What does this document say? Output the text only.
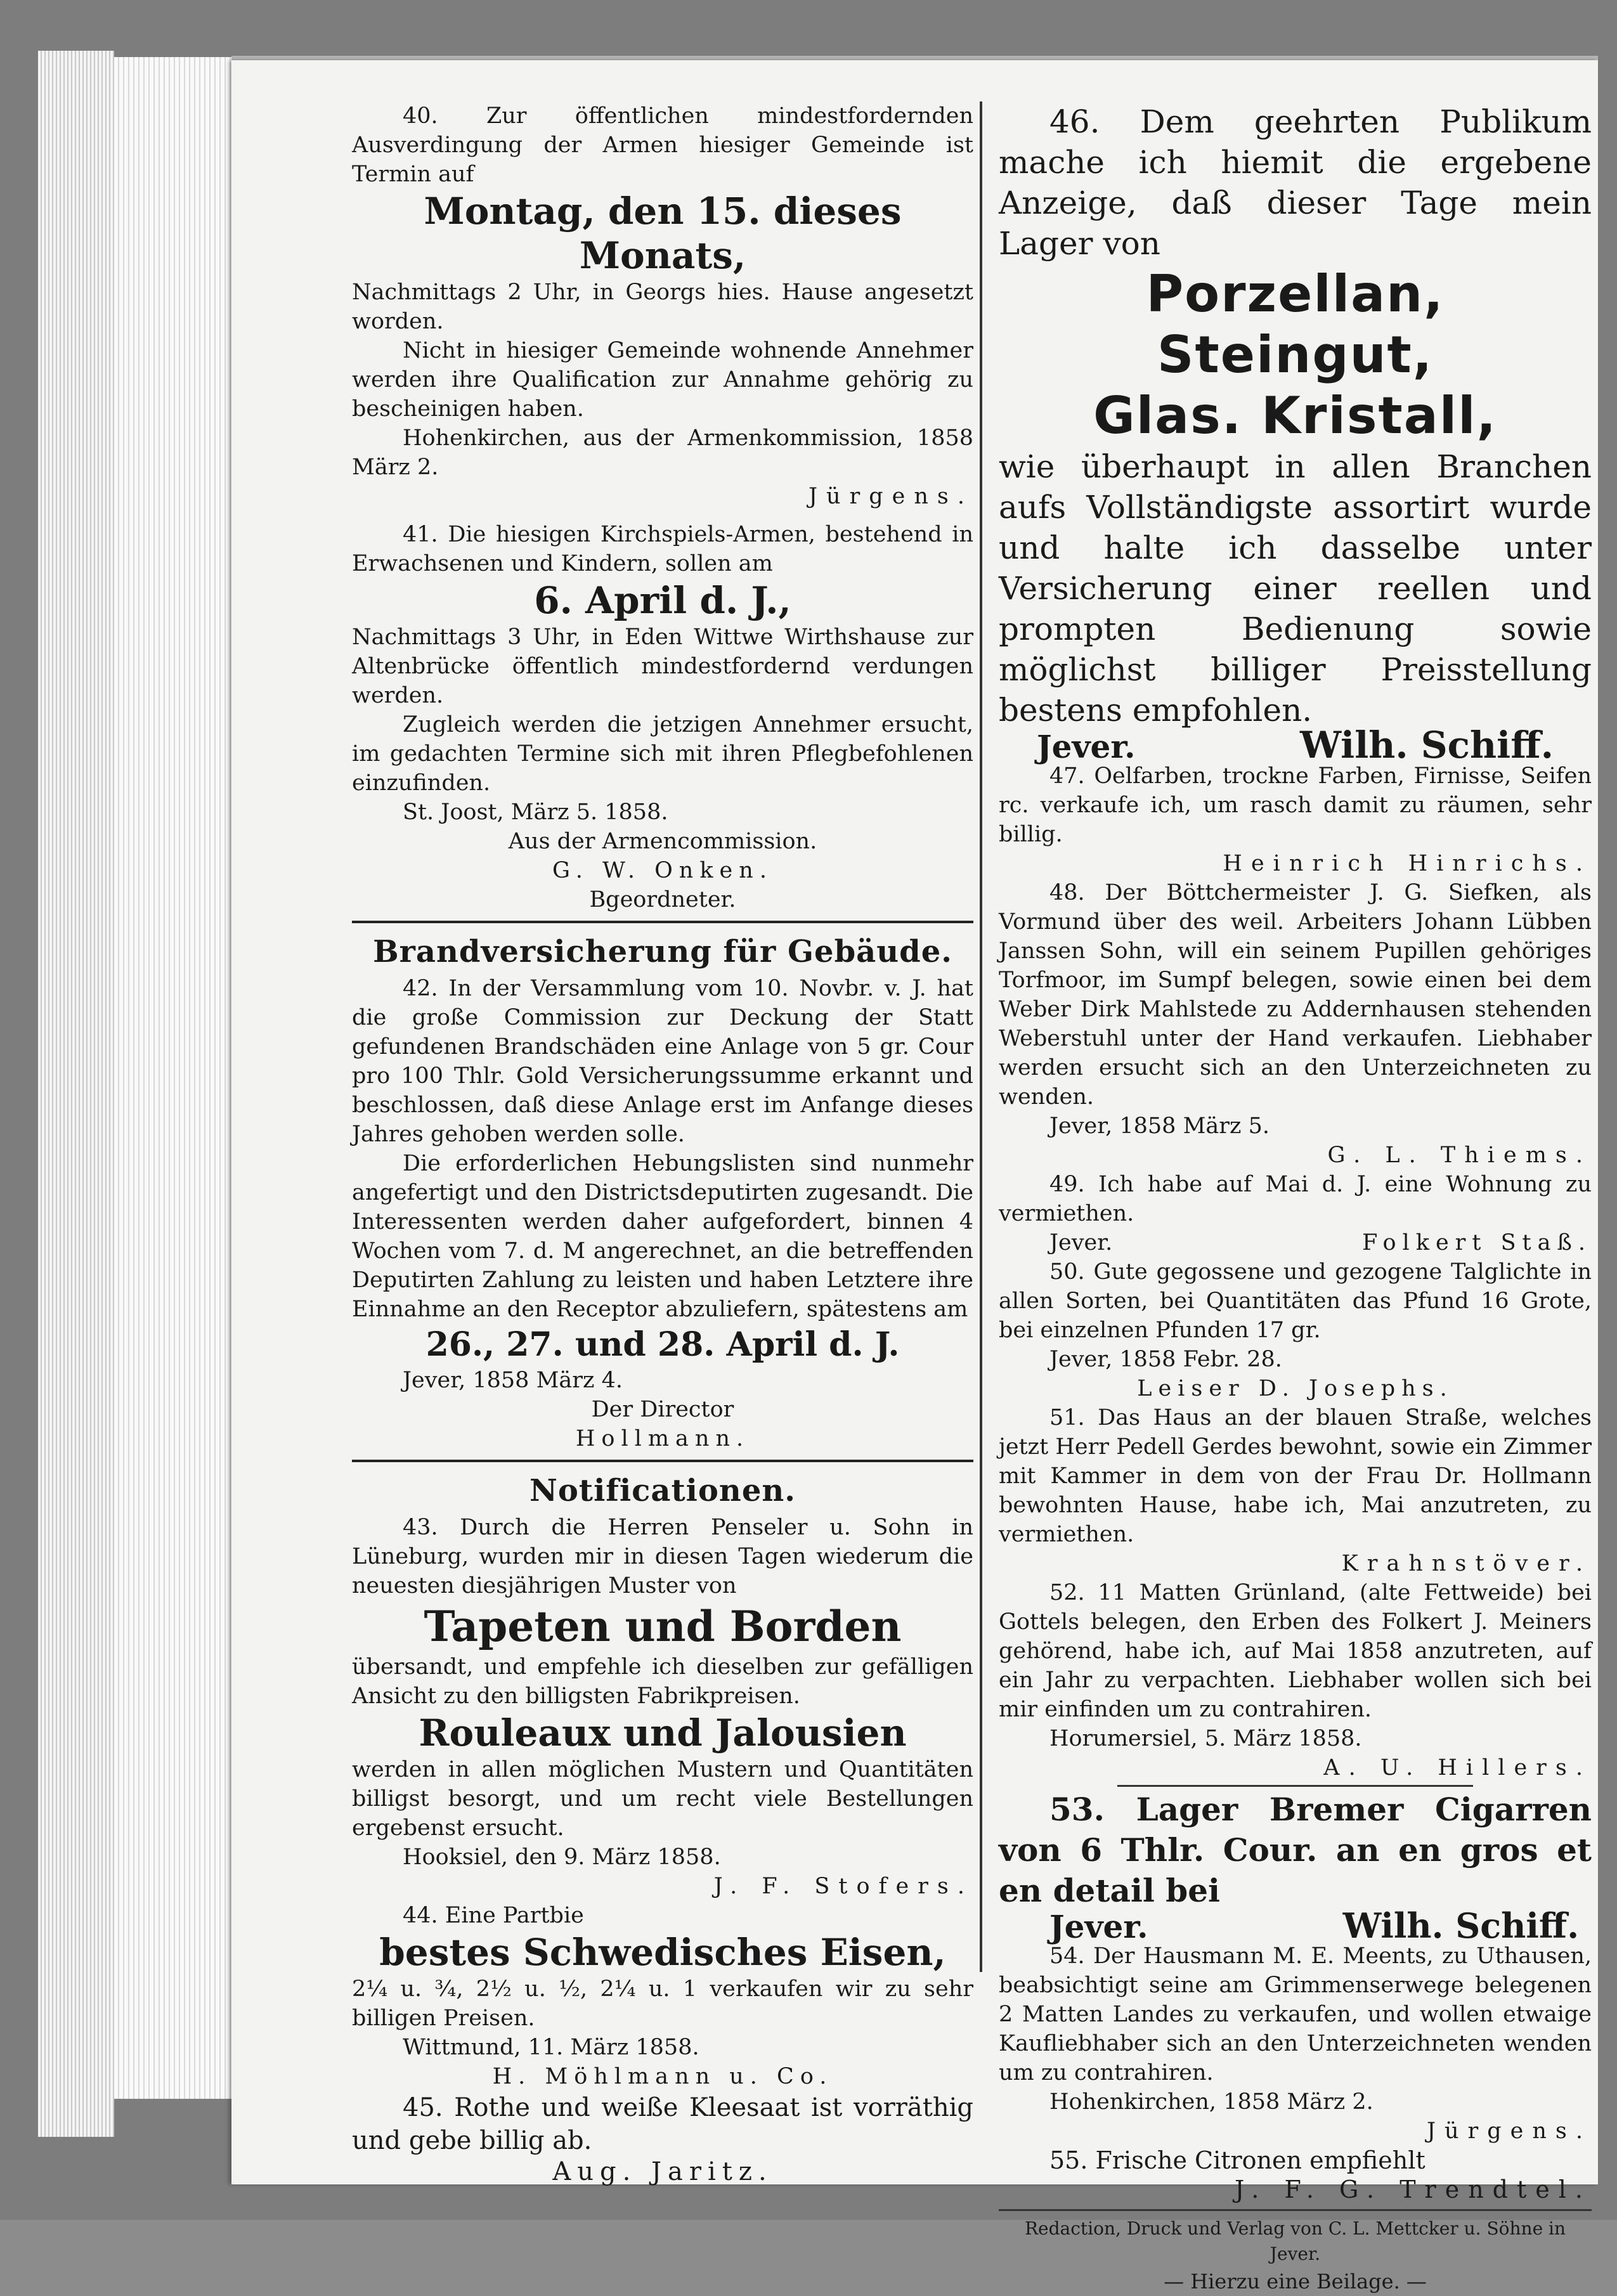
40. Zur öffentlichen mindestfordernden Ausverdingung der Armen hiesiger Gemeinde ist Termin auf

Montag, den 15. dieses Monats,

Nachmittags 2 Uhr, in Georgs hies. Hause angesetzt worden.

Nicht in hiesiger Gemeinde wohnende Annehmer werden ihre Qualification zur Annahme gehörig zu bescheinigen haben.

Hohenkirchen, aus der Armenkommission, 1858 März 2.

Jürgens.

41. Die hiesigen Kirchspiels-Armen, bestehend in Erwachsenen und Kindern, sollen am

6. April d. J.,

Nachmittags 3 Uhr, in Eden Wittwe Wirthshause zur Altenbrücke öffentlich mindestfordernd verdungen werden.

Zugleich werden die jetzigen Annehmer ersucht, im gedachten Termine sich mit ihren Pflegbefohlenen einzufinden.

St. Joost, März 5. 1858.

Aus der Armencommission.

G. W. Onken.

Bgeordneter.

Brandversicherung für Gebäude.

42. In der Versammlung vom 10. Novbr. v. J. hat die große Commission zur Deckung der Statt gefundenen Brandschäden eine Anlage von 5 gr. Cour pro 100 Thlr. Gold Versicherungssumme erkannt und beschlossen, daß diese Anlage erst im Anfange dieses Jahres gehoben werden solle.

Die erforderlichen Hebungslisten sind nunmehr angefertigt und den Districtsdeputirten zugesandt. Die Interessenten werden daher aufgefordert, binnen 4 Wochen vom 7. d. M angerechnet, an die betreffenden Deputirten Zahlung zu leisten und haben Letztere ihre Einnahme an den Receptor abzuliefern, spätestens am

26., 27. und 28. April d. J.

Jever, 1858 März 4.

Der Director

Hollmann.

Notificationen.

43. Durch die Herren Penseler u. Sohn in Lüneburg, wurden mir in diesen Tagen wiederum die neuesten diesjährigen Muster von

Tapeten und Borden

übersandt, und empfehle ich dieselben zur gefälligen Ansicht zu den billigsten Fabrikpreisen.

Rouleaux und Jalousien

werden in allen möglichen Mustern und Quantitäten billigst besorgt, und um recht viele Bestellungen ergebenst ersucht.

Hooksiel, den 9. März 1858.

J. F. Stofers.

44. Eine Partbie

bestes Schwedisches Eisen,

2¼ u. ¾, 2½ u. ½, 2¼ u. 1 verkaufen wir zu sehr billigen Preisen.

Wittmund, 11. März 1858.

H. Möhlmann u. Co.

45. Rothe und weiße Kleesaat ist vorräthig und gebe billig ab.

Aug. Jaritz.

46. Dem geehrten Publikum mache ich hiemit die ergebene Anzeige, daß dieser Tage mein Lager von

Porzellan, Steingut,

Glas. Kristall,

wie überhaupt in allen Branchen aufs Vollständigste assortirt wurde und halte ich dasselbe unter Versicherung einer reellen und prompten Bedienung sowie möglichst billiger Preisstellung bestens empfohlen.

Jever.	Wilh. Schiff.

47. Oelfarben, trockne Farben, Firnisse, Seifen rc. verkaufe ich, um rasch damit zu räumen, sehr billig.

Heinrich Hinrichs.

48. Der Böttchermeister J. G. Siefken, als Vormund über des weil. Arbeiters Johann Lübben Janssen Sohn, will ein seinem Pupillen gehöriges Torfmoor, im Sumpf belegen, sowie einen bei dem Weber Dirk Mahlstede zu Addernhausen stehenden Weberstuhl unter der Hand verkaufen. Liebhaber werden ersucht sich an den Unterzeichneten zu wenden.

Jever, 1858 März 5.

G. L. Thiems.

49. Ich habe auf Mai d. J. eine Wohnung zu vermiethen.

Jever.	Folkert Staß.

50. Gute gegossene und gezogene Talglichte in allen Sorten, bei Quantitäten das Pfund 16 Grote, bei einzelnen Pfunden 17 gr.

Jever, 1858 Febr. 28.

Leiser D. Josephs.

51. Das Haus an der blauen Straße, welches jetzt Herr Pedell Gerdes bewohnt, sowie ein Zimmer mit Kammer in dem von der Frau Dr. Hollmann bewohnten Hause, habe ich, Mai anzutreten, zu vermiethen.

Krahnstöver.

52. 11 Matten Grünland, (alte Fettweide) bei Gottels belegen, den Erben des Folkert J. Meiners gehörend, habe ich, auf Mai 1858 anzutreten, auf ein Jahr zu verpachten. Liebhaber wollen sich bei mir einfinden um zu contrahiren.

Horumersiel, 5. März 1858.

A. U. Hillers.

53. Lager Bremer Cigarren von 6 Thlr. Cour. an en gros et en detail bei

Jever.	Wilh. Schiff.

54. Der Hausmann M. E. Meents, zu Uthausen, beabsichtigt seine am Grimmenserwege belegenen 2 Matten Landes zu verkaufen, und wollen etwaige Kaufliebhaber sich an den Unterzeichneten wenden um zu contrahiren.

Hohenkirchen, 1858 März 2.

Jürgens.

55. Frische Citronen empfiehlt

J. F. G. Trendtel.

Redaction, Druck und Verlag von C. L. Mettcker u. Söhne in Jever.

— Hierzu eine Beilage. —
